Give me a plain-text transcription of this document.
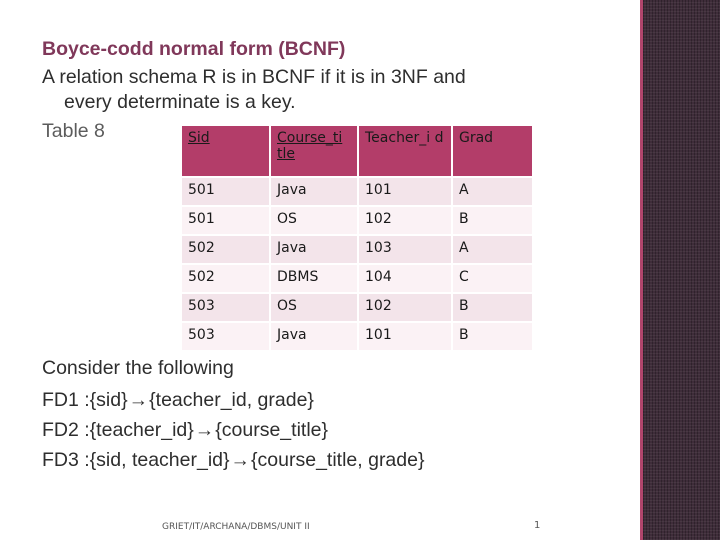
Boyce-codd normal form (BCNF)
A relation schema R is in BCNF if it is in 3NF and
every determinate is a key.
Table 8	Sid	Course_ti tle	Teacher_i d	Grad
501	Java	101	A
501	OS	102	B
502	Java	103	A
502	DBMS	104	C
503	OS	102	B
503	Java	101	B
Consider the following
FD1 :{sid}→{teacher_id, grade}
FD2 :{teacher_id}→{course_title}
FD3 :{sid, teacher_id}→{course_title, grade}
GRIET/IT/ARCHANA/DBMS/UNIT II	1
